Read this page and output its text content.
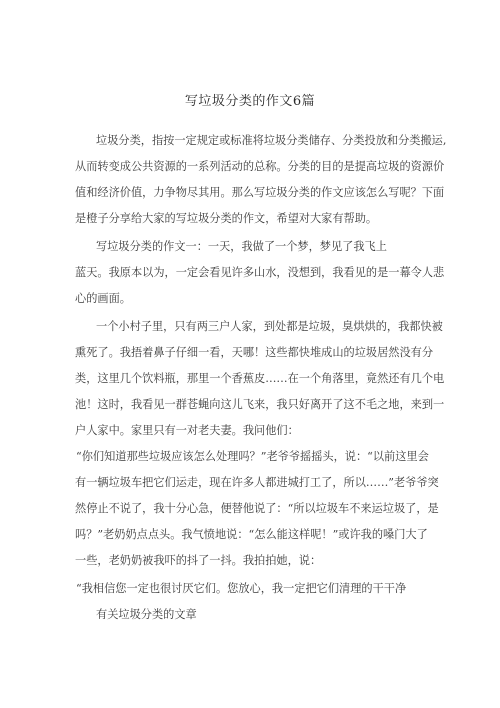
写垃圾分类的作文6篇
垃圾分类，指按一定规定或标准将垃圾分类储存、分类投放和分类搬运,
从而转变成公共资源的一系列活动的总称。分类的目的是提高垃圾的资源价
值和经济价值，力争物尽其用。那么写垃圾分类的作文应该怎么写呢？下面
是橙子分享给大家的写垃圾分类的作文，希望对大家有帮助。
写垃圾分类的作文一：一天，我做了一个梦，梦见了我飞上
蓝天。我原本以为，一定会看见许多山水，没想到，我看见的是一幕令人悲
心的画面。
一个小村子里，只有两三户人家，到处都是垃圾，臭烘烘的，我都快被
熏死了。我捂着鼻子仔细一看，天哪！这些都快堆成山的垃圾居然没有分
类，这里几个饮料瓶，那里一个香蕉皮……在一个角落里，竟然还有几个电
池！这时，我看见一群苍蝇向这儿飞来，我只好离开了这不毛之地，来到一
户人家中。家里只有一对老夫妻。我问他们：
“你们知道那些垃圾应该怎么处理吗？”老爷爷摇摇头，说：“以前这里会
有一辆垃圾车把它们运走，现在许多人都进城打工了，所以……”老爷爷突
然停止不说了，我十分心急，便替他说了：“所以垃圾车不来运垃圾了，是
吗？”老奶奶点点头。我气愤地说：“怎么能这样呢！”或许我的嗓门大了
一些，老奶奶被我吓的抖了一抖。我拍拍她，说：
“我相信您一定也很讨厌它们。您放心，我一定把它们清理的干干净
有关垃圾分类的文章
